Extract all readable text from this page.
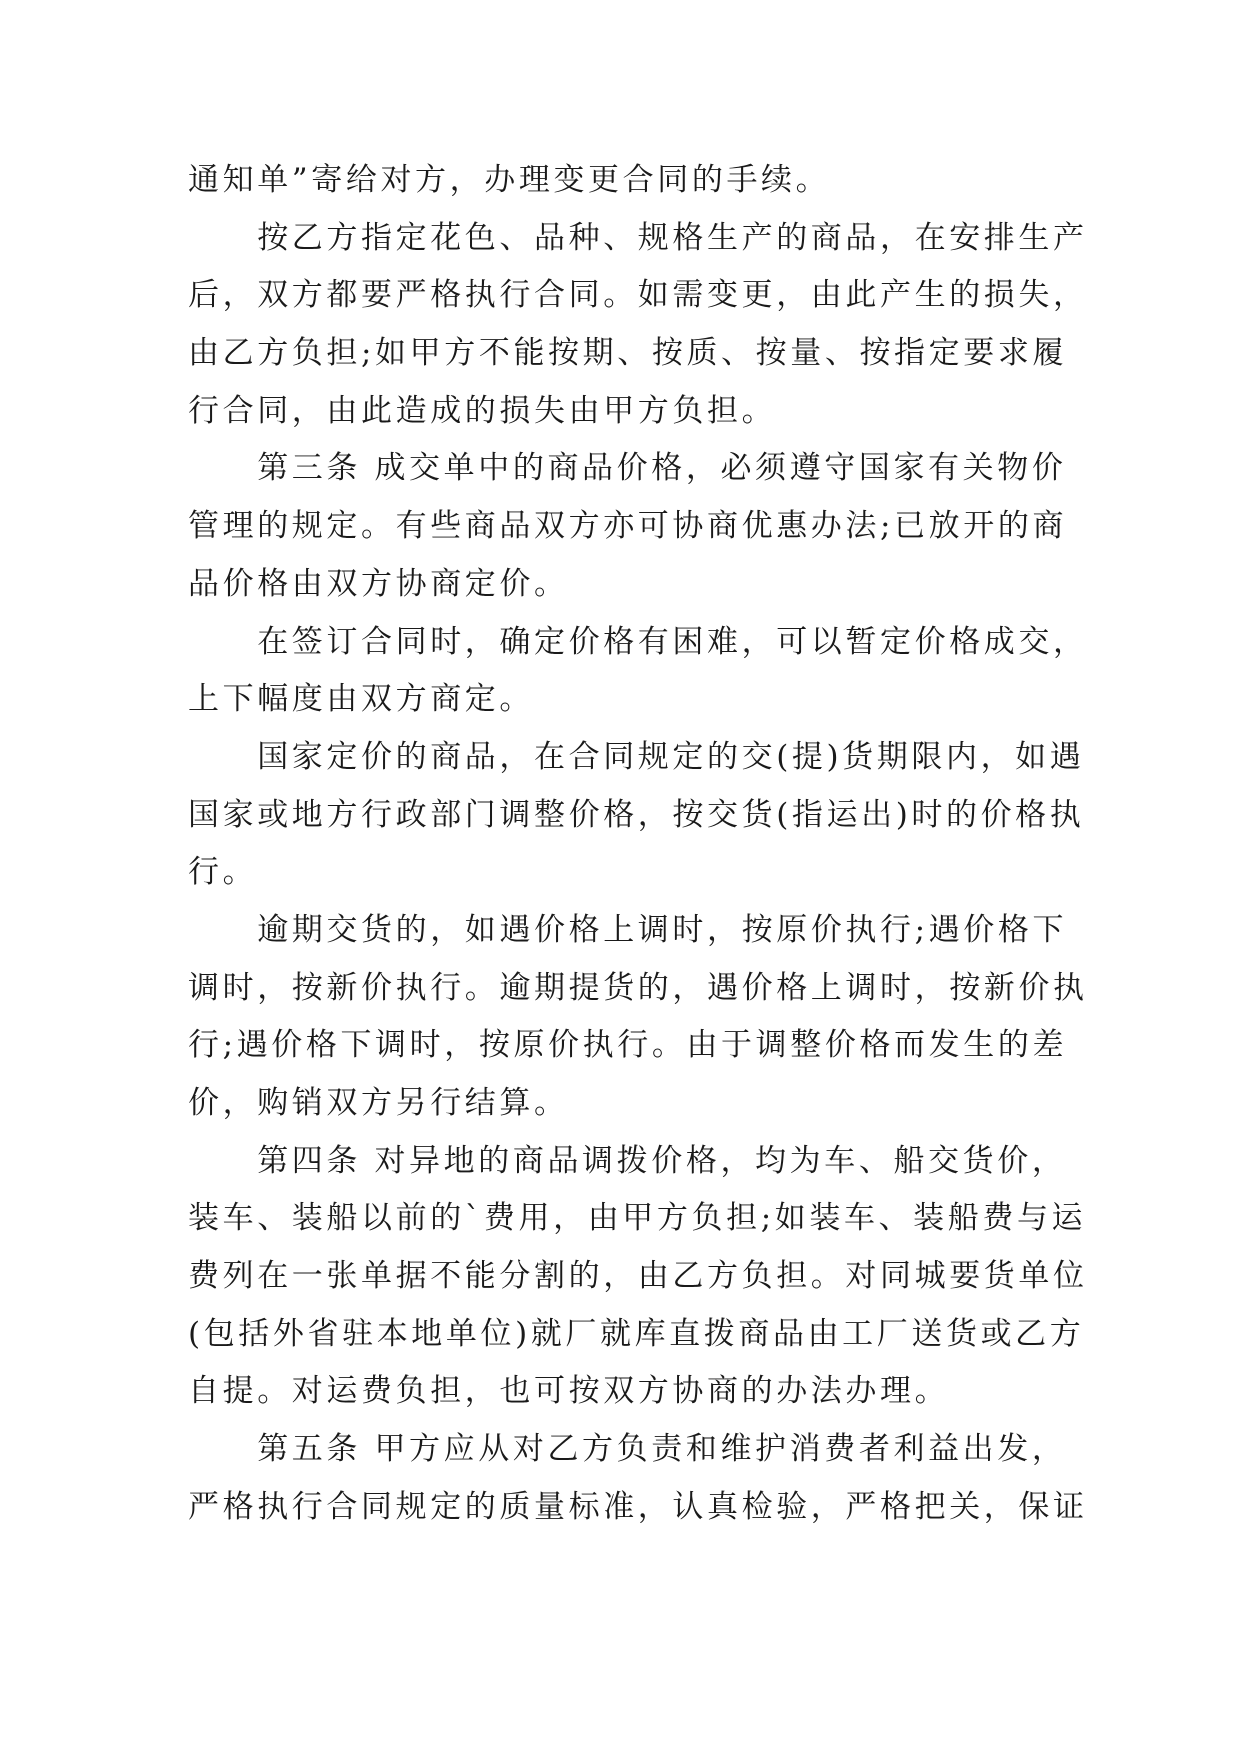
通知单”寄给对方，办理变更合同的手续。
　　按乙方指定花色、品种、规格生产的商品，在安排生产
后，双方都要严格执行合同。如需变更，由此产生的损失，
由乙方负担;如甲方不能按期、按质、按量、按指定要求履
行合同，由此造成的损失由甲方负担。
　　第三条 成交单中的商品价格，必须遵守国家有关物价
管理的规定。有些商品双方亦可协商优惠办法;已放开的商
品价格由双方协商定价。
　　在签订合同时，确定价格有困难，可以暂定价格成交，
上下幅度由双方商定。
　　国家定价的商品，在合同规定的交(提)货期限内，如遇
国家或地方行政部门调整价格，按交货(指运出)时的价格执
行。
　　逾期交货的，如遇价格上调时，按原价执行;遇价格下
调时，按新价执行。逾期提货的，遇价格上调时，按新价执
行;遇价格下调时，按原价执行。由于调整价格而发生的差
价，购销双方另行结算。
　　第四条 对异地的商品调拨价格，均为车、船交货价，
装车、装船以前的`费用，由甲方负担;如装车、装船费与运
费列在一张单据不能分割的，由乙方负担。对同城要货单位
(包括外省驻本地单位)就厂就库直拨商品由工厂送货或乙方
自提。对运费负担，也可按双方协商的办法办理。
　　第五条 甲方应从对乙方负责和维护消费者利益出发，
严格执行合同规定的质量标准，认真检验，严格把关，保证
